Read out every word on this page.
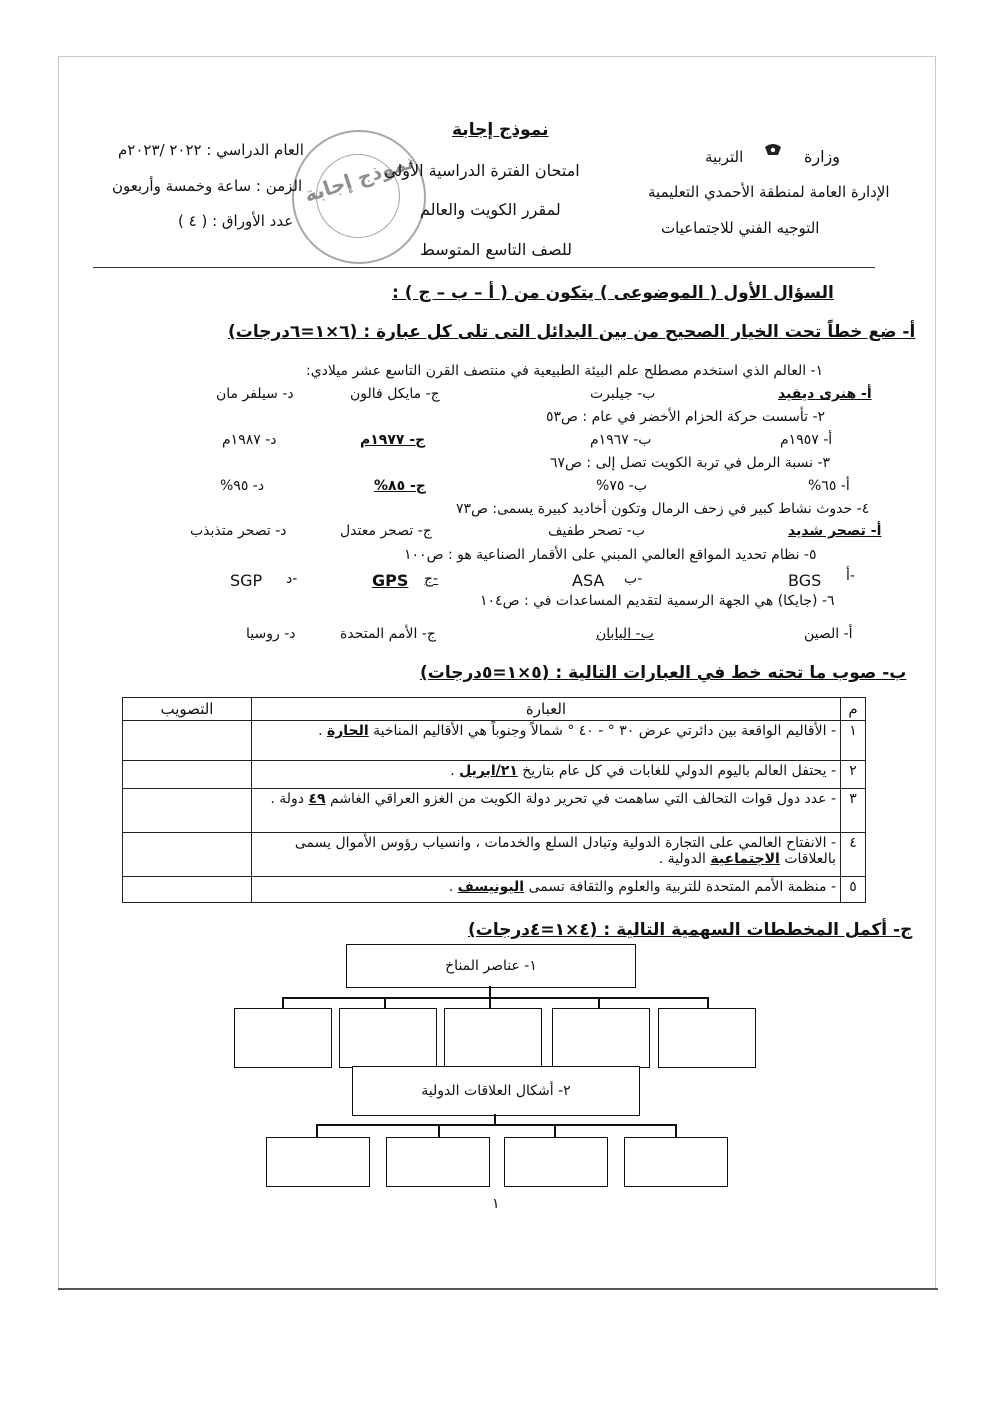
وزارة
التربية
الإدارة العامة لمنطقة الأحمدي التعليمية
التوجيه الفني للاجتماعيات
نموذج إجابة
نموذج إجابة
امتحان الفترة الدراسية الأولى
لمقرر الكويت والعالم
للصف التاسع المتوسط
العام الدراسي : ٢٠٢٢ /٢٠٢٣م
الزمن : ساعة وخمسة وأربعون
عدد الأوراق : ( ٤ )
السؤال الأول ( الموضوعى ) يتكون من ( أ – ب – ج ) :
أ- ضع خطاً تحت الخيار الصحيح من بين البدائل التى تلى كل عبارة : (٦×١=٦درجات)
١- العالم الذي استخدم مصطلح علم البيئة الطبيعية في منتصف القرن التاسع عشر ميلادي:
أ- هنرى ديفيد
ب- جيلبرت
ج- مايكل فالون
د- سيلفر مان
٢- تأسست حركة الحزام الأخضر في عام : ص٥٣
أ- ١٩٥٧م
ب- ١٩٦٧م
ج- ١٩٧٧م
د- ١٩٨٧م
٣- نسبة الرمل في تربة الكويت تصل إلى : ص٦٧
أ- ٦٥%
ب- ٧٥%
ج- ٨٥%
د- ٩٥%
٤- حدوث نشاط كبير في زحف الرمال وتكون أخاديد كبيرة يسمى: ص٧٣
أ- تصحر شديد
ب- تصحر طفيف
ج- تصحر معتدل
د- تصحر متذبذب
٥- نظام تحديد المواقع العالمي المبني على الأقمار الصناعية هو : ص١٠٠
BGS أ-
ASA ب-
GPS ج-
SGP د-
٦- (جايكا) هي الجهة الرسمية لتقديم المساعدات في : ص١٠٤
أ- الصين
ب- اليابان
ج- الأمم المتحدة
د- روسيا
ب- صوب ما تحته خط في العبارات التالية : (٥×١=٥درجات)
م	العبارة	التصويب
١	- الأقاليم الواقعة بين دائرتي عرض ٣٠ ° - ٤٠ ° شمالاً وجنوباً هي الأقاليم المناخية الحارة .	
٢	- يحتفل العالم باليوم الدولي للغابات في كل عام بتاريخ ٢١/ابريل .	
٣	- عدد دول قوات التحالف التي ساهمت في تحرير دولة الكويت من الغزو العراقي الغاشم ٤٩ دولة .	
٤	- الانفتاح العالمي على التجارة الدولية وتبادل السلع والخدمات ، وانسياب رؤوس الأموال يسمى بالعلاقات الاجتماعية الدولية .	
٥	- منظمة الأمم المتحدة للتربية والعلوم والثقافة تسمى اليونيسف .	
ج- أكمل المخططات السهمية التالية : (٤×١=٤درجات)
١- عناصر المناخ
٢- أشكال العلاقات الدولية
١
